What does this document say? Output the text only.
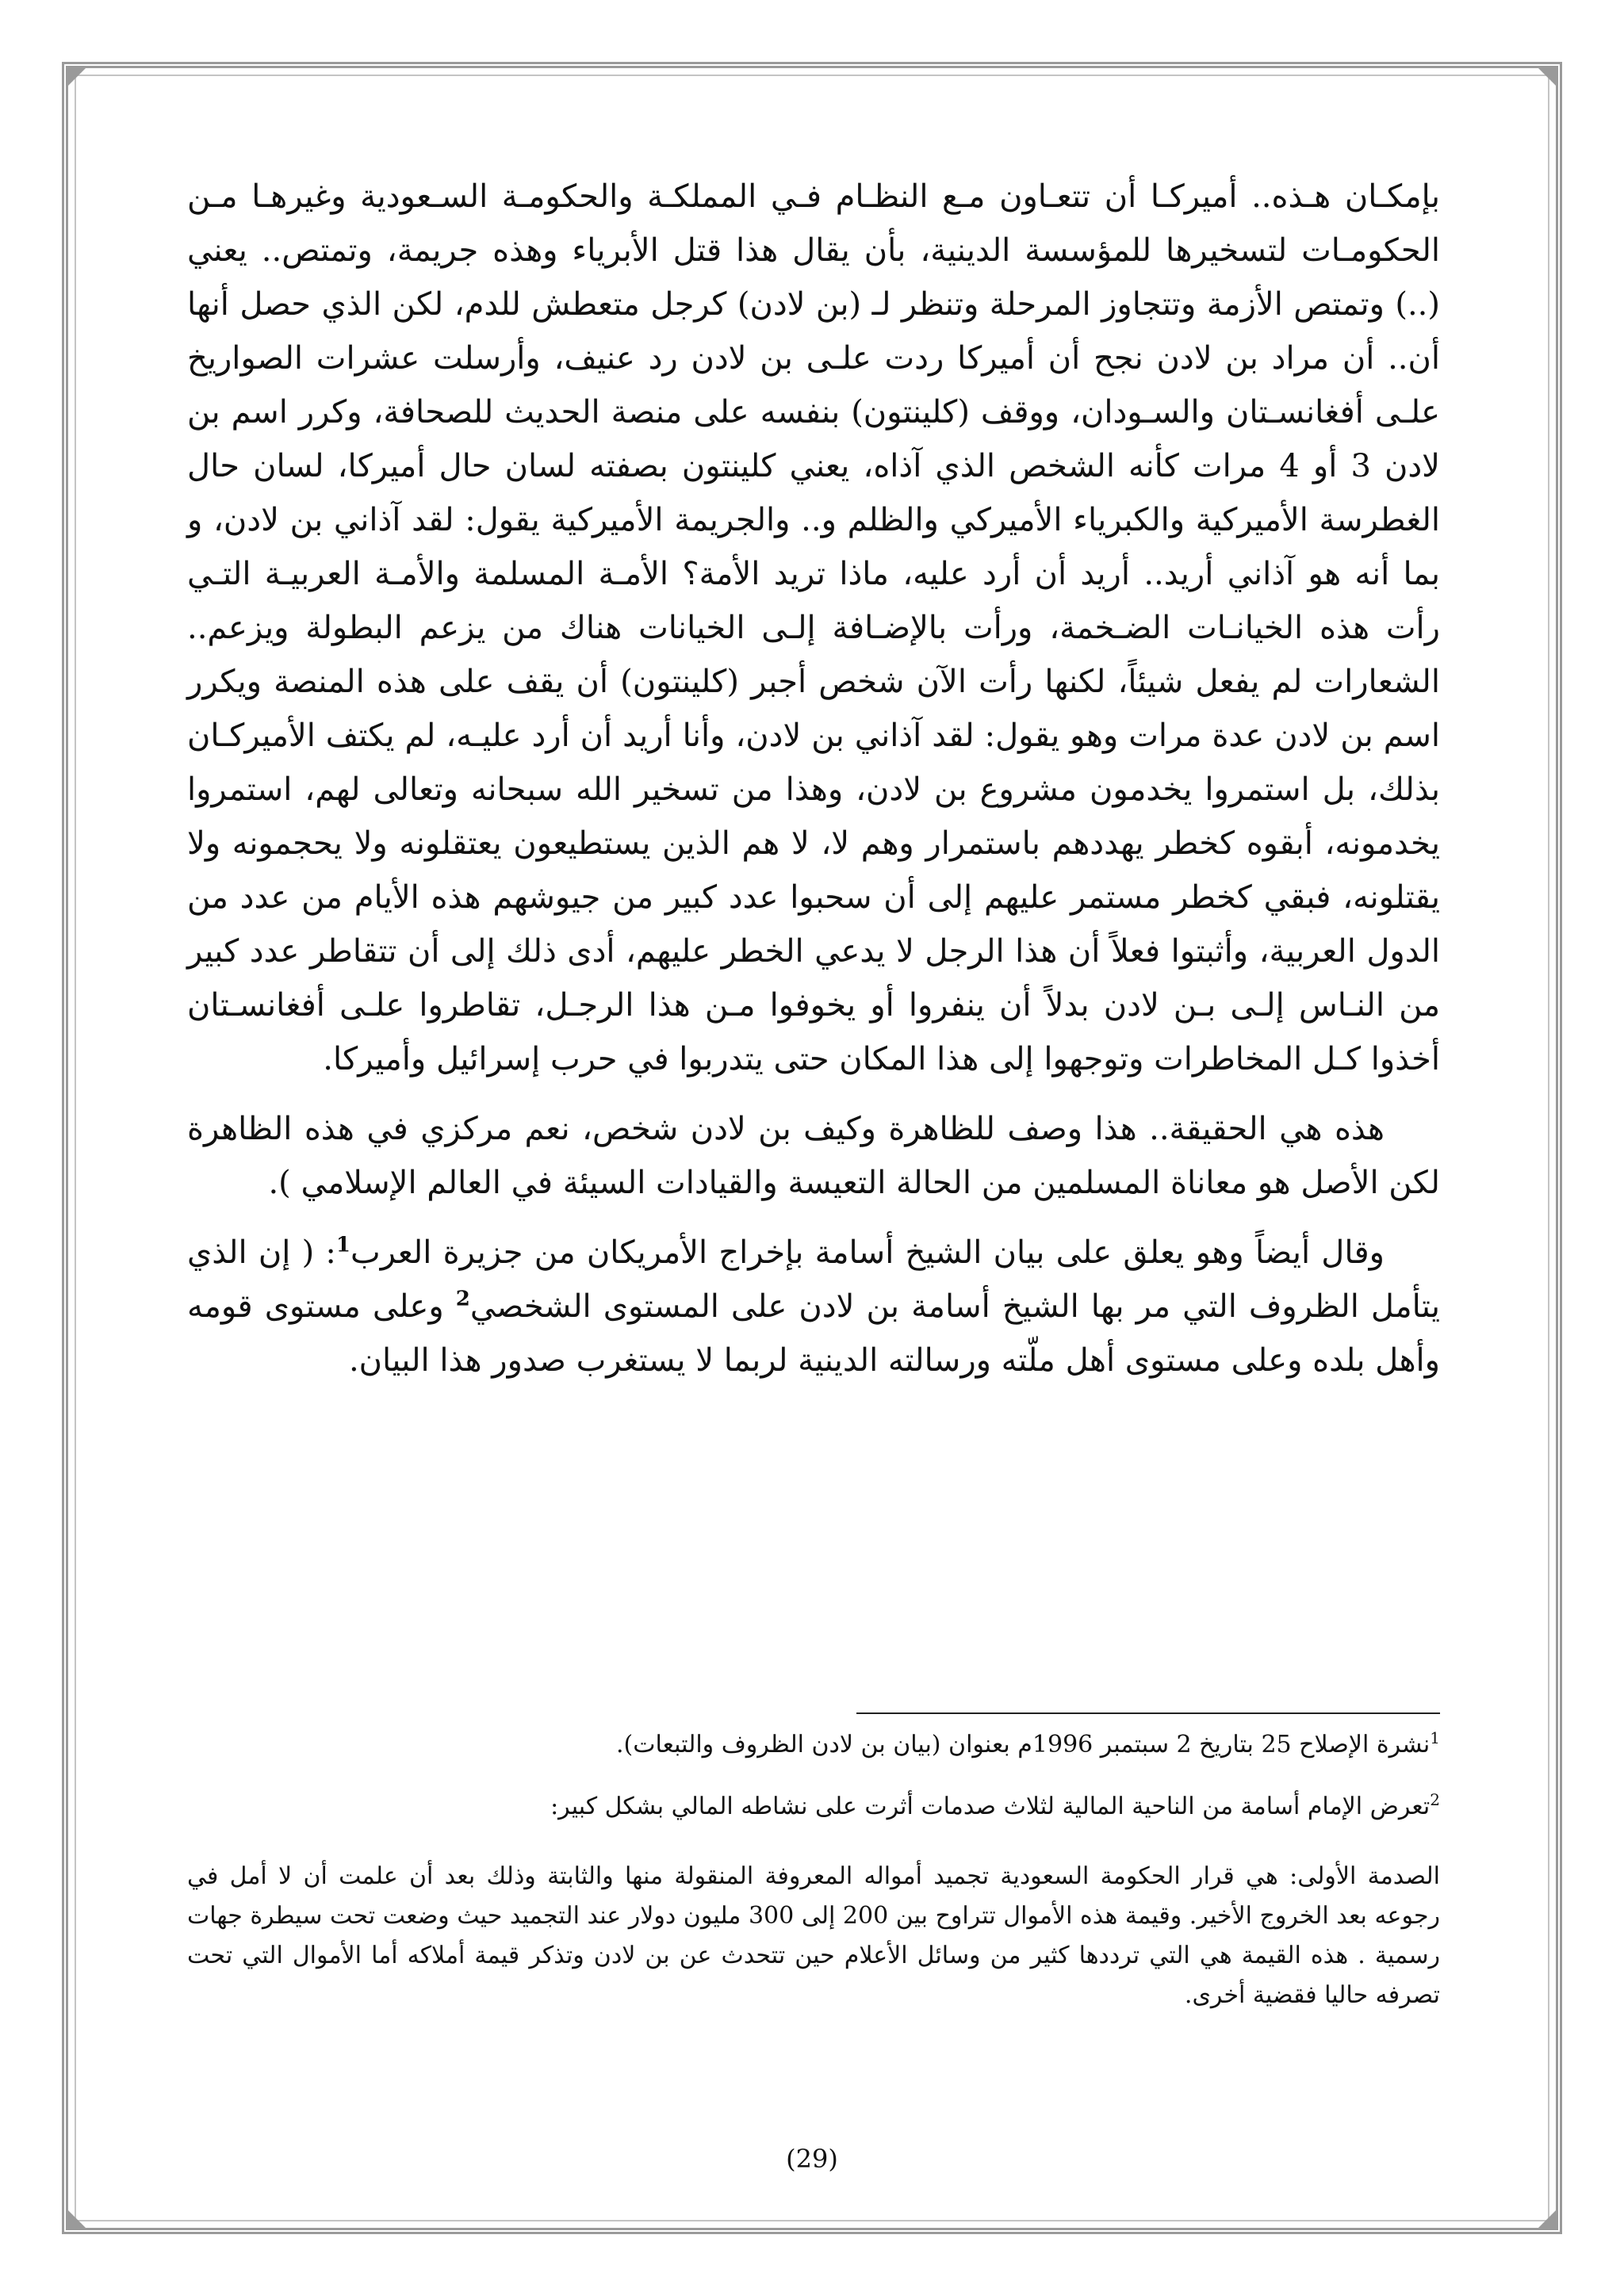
بإمكـان هـذه.. أميركـا أن تتعـاون مـع النظـام فـي المملكـة والحكومـة السـعودية وغيرهـا مـن الحكومـات لتسخيرها للمؤسسة الدينية، بأن يقال هذا قتل الأبرياء وهذه جريمة، وتمتص.. يعني (..) وتمتص الأزمة وتتجاوز المرحلة وتنظر لـ (بن لادن) كرجل متعطش للدم، لكن الذي حصل أنها أن.. أن مراد بن لادن نجح أن أميركا ردت علـى بن لادن رد عنيف، وأرسلت عشرات الصواريخ علـى أفغانسـتان والسـودان، ووقف (كلينتون) بنفسه على منصة الحديث للصحافة، وكرر اسم بن لادن 3 أو 4 مرات كأنه الشخص الذي آذاه، يعني كلينتون بصفته لسان حال أميركا، لسان حال الغطرسة الأميركية والكبرياء الأميركي والظلم و.. والجريمة الأميركية يقول: لقد آذاني بن لادن، و بما أنه هو آذاني أريد.. أريد أن أرد عليه، ماذا تريد الأمة؟ الأمـة المسلمة والأمـة العربيـة التـي رأت هذه الخيانـات الضـخمة، ورأت بالإضـافة إلـى الخيانات هناك من يزعم البطولة ويزعم.. الشعارات لم يفعل شيئاً، لكنها رأت الآن شخص أجبر (كلينتون) أن يقف على هذه المنصة ويكرر اسم بن لادن عدة مرات وهو يقول: لقد آذاني بن لادن، وأنا أريد أن أرد عليـه، لم يكتف الأميركـان بذلك، بل استمروا يخدمون مشروع بن لادن، وهذا من تسخير الله سبحانه وتعالى لهم، استمروا يخدمونه، أبقوه كخطر يهددهم باستمرار وهم لا، لا هم الذين يستطيعون يعتقلونه ولا يحجمونه ولا يقتلونه، فبقي كخطر مستمر عليهم إلى أن سحبوا عدد كبير من جيوشهم هذه الأيام من عدد من الدول العربية، وأثبتوا فعلاً أن هذا الرجل لا يدعي الخطر عليهم، أدى ذلك إلى أن تتقاطر عدد كبير من النـاس إلـى بـن لادن بدلاً أن ينفروا أو يخوفوا مـن هذا الرجـل، تقاطروا علـى أفغانسـتان أخذوا كـل المخاطرات وتوجهوا إلى هذا المكان حتى يتدربوا في حرب إسرائيل وأميركا.

هذه هي الحقيقة.. هذا وصف للظاهرة وكيف بن لادن شخص، نعم مركزي في هذه الظاهرة لكن الأصل هو معاناة المسلمين من الحالة التعيسة والقيادات السيئة في العالم الإسلامي ).

وقال أيضاً وهو يعلق على بيان الشيخ أسامة بإخراج الأمريكان من جزيرة العرب$^1$: ( إن الذي يتأمل الظروف التي مر بها الشيخ أسامة بن لادن على المستوى الشخصي$^2$ وعلى مستوى قومه وأهل بلده وعلى مستوى أهل ملّته ورسالته الدينية لربما لا يستغرب صدور هذا البيان.

$^1$نشرة الإصلاح 25 بتاريخ 2 سبتمبر 1996م بعنوان (بيان بن لادن الظروف والتبعات).

$^2$تعرض الإمام أسامة من الناحية المالية لثلاث صدمات أثرت على نشاطه المالي بشكل كبير:

الصدمة الأولى: هي قرار الحكومة السعودية تجميد أمواله المعروفة المنقولة منها والثابتة وذلك بعد أن علمت أن لا أمل في رجوعه بعد الخروج الأخير. وقيمة هذه الأموال تتراوح بين 200 إلى 300 مليون دولار عند التجميد حيث وضعت تحت سيطرة جهات رسمية . هذه القيمة هي التي ترددها كثير من وسائل الأعلام حين تتحدث عن بن لادن وتذكر قيمة أملاكه أما الأموال التي تحت تصرفه حاليا فقضية أخرى.

(29)
